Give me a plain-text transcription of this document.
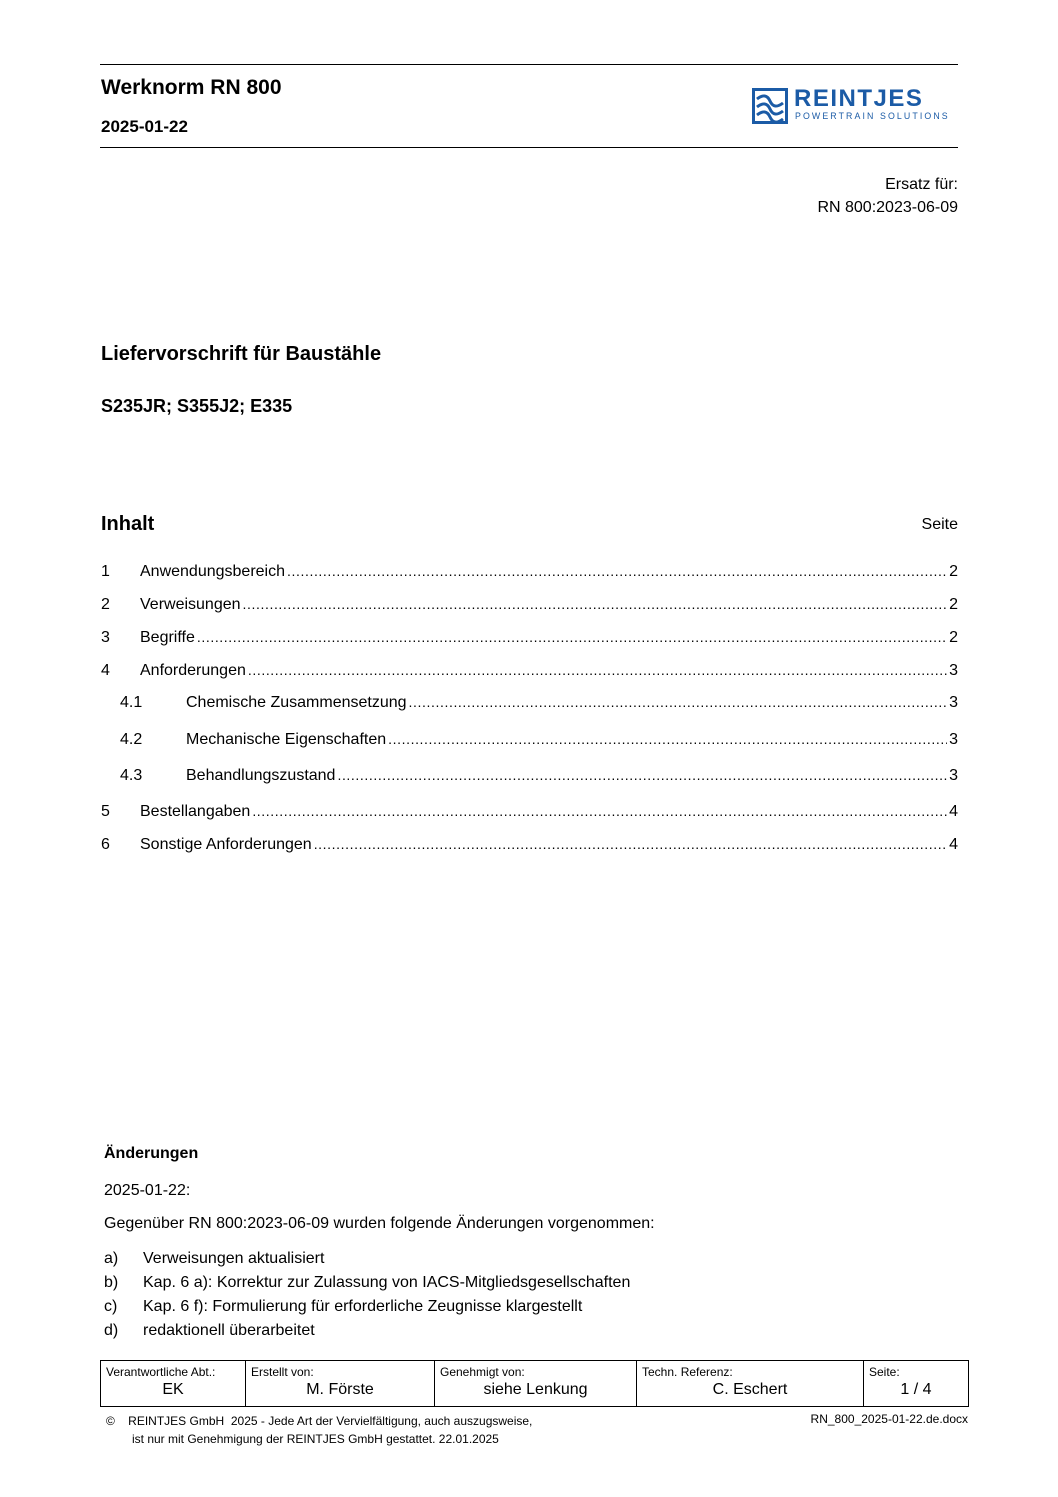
Werknorm RN 800
2025-01-22
REINTJES
POWERTRAIN SOLUTIONS
Ersatz für:
RN 800:2023-06-09
Liefervorschrift für Baustähle
S235JR; S355J2; E335
Inhalt	Seite
1 Anwendungsbereich .....	2
2 Verweisungen .....	2
3 Begriffe .....	2
4 Anforderungen .....	3
4.1	Chemische Zusammensetzung .....	3
4.2	Mechanische Eigenschaften .....	3
4.3	Behandlungszustand .....	3
5 Bestellangaben .....	4
6 Sonstige Anforderungen .....	4
Änderungen
2025-01-22:
Gegenüber RN 800:2023-06-09 wurden folgende Änderungen vorgenommen:
a) Verweisungen aktualisiert
b) Kap. 6 a): Korrektur zur Zulassung von IACS-Mitgliedsgesellschaften
c) Kap. 6 f): Formulierung für erforderliche Zeugnisse klargestellt
d) redaktionell überarbeitet
Verantwortliche Abt.:
EK

Erstellt von:
M. Förste

Genehmigt von:
siehe Lenkung

Techn. Referenz:
C. Eschert

Seite:
1 / 4
©    REINTJES GmbH  2025 - Jede Art der Vervielfältigung, auch auszugsweise,
ist nur mit Genehmigung der REINTJES GmbH gestattet. 22.01.2025
RN_800_2025-01-22.de.docx
